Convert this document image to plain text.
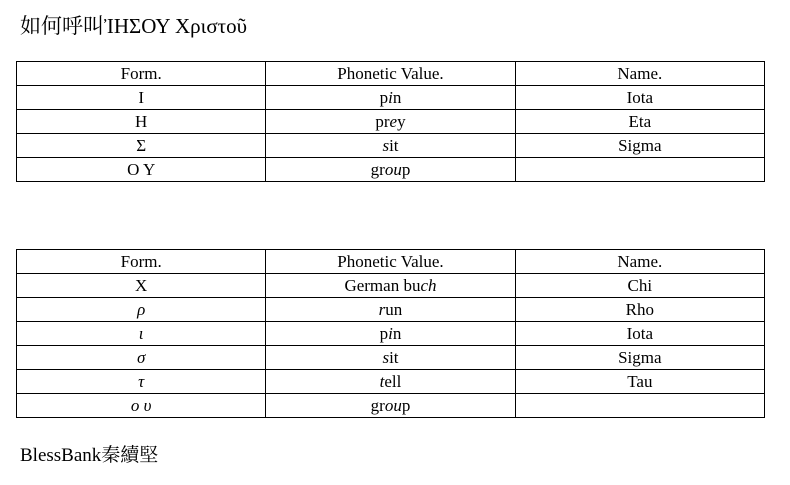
如何呼叫ἸΗΣΟΥ Χριστοῦ
Form.	Phonetic Value.	Name.
Ι	pin	Iota
Η	prey	Eta
Σ	sit	Sigma
Ο Υ	group	
Form.	Phonetic Value.	Name.
Χ	German buch	Chi
ρ	run	Rho
ι	pin	Iota
σ	sit	Sigma
τ	tell	Tau
ο υ	group	
BlessBank秦續堅
